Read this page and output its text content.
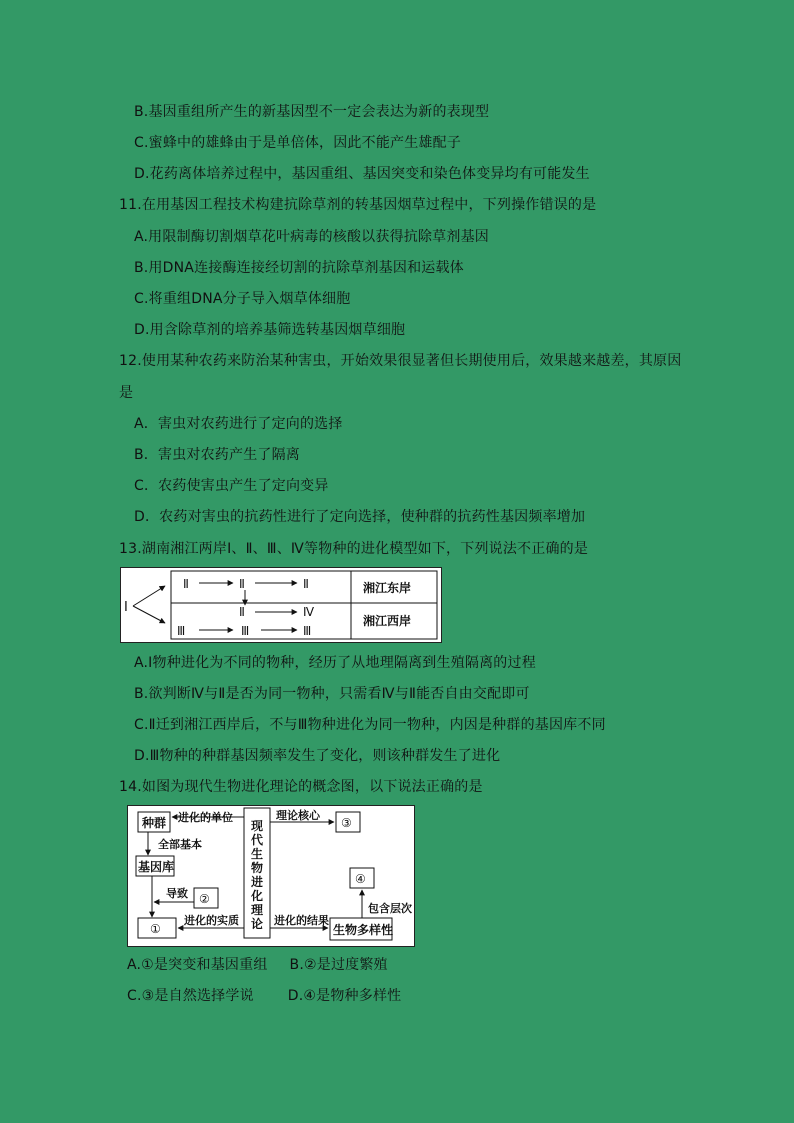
B.基因重组所产生的新基因型不一定会表达为新的表现型
C.蜜蜂中的雄蜂由于是单倍体，因此不能产生雄配子
D.花药离体培养过程中，基因重组、基因突变和染色体变异均有可能发生
11.在用基因工程技术构建抗除草剂的转基因烟草过程中，下列操作错误的是
A.用限制酶切割烟草花叶病毒的核酸以获得抗除草剂基因
B.用DNA连接酶连接经切割的抗除草剂基因和运载体
C.将重组DNA分子导入烟草体细胞
D.用含除草剂的培养基筛选转基因烟草细胞
12.使用某种农药来防治某种害虫，开始效果很显著但长期使用后，效果越来越差，其原因
是
A．害虫对农药进行了定向的选择
B．害虫对农药产生了隔离
C．农药使害虫产生了定向变异
D．农药对害虫的抗药性进行了定向选择，使种群的抗药性基因频率增加
13.湖南湘江两岸Ⅰ、Ⅱ、Ⅲ、Ⅳ等物种的进化模型如下，下列说法不正确的是
Ⅰ
Ⅱ	Ⅱ	Ⅱ
Ⅱ	Ⅳ
Ⅲ	Ⅲ	Ⅲ
湘江东岸
湘江西岸
A.Ⅰ物种进化为不同的物种，经历了从地理隔离到生殖隔离的过程
B.欲判断Ⅳ与Ⅱ是否为同一物种，只需看Ⅳ与Ⅱ能否自由交配即可
C.Ⅱ迁到湘江西岸后，不与Ⅲ物种进化为同一物种，内因是种群的基因库不同
D.Ⅲ物种的种群基因频率发生了变化，则该种群发生了进化
14.如图为现代生物进化理论的概念图，以下说法正确的是
种群 进化的单位
现
代
生
物
进
化
理
论
理论核心
③
全部基本
基因库
②
导致
①
进化的实质	进化的结果
生物多样性
包含层次
④
A.①是突变和基因重组 B.②是过度繁殖
C.③是自然选择学说 D.④是物种多样性
